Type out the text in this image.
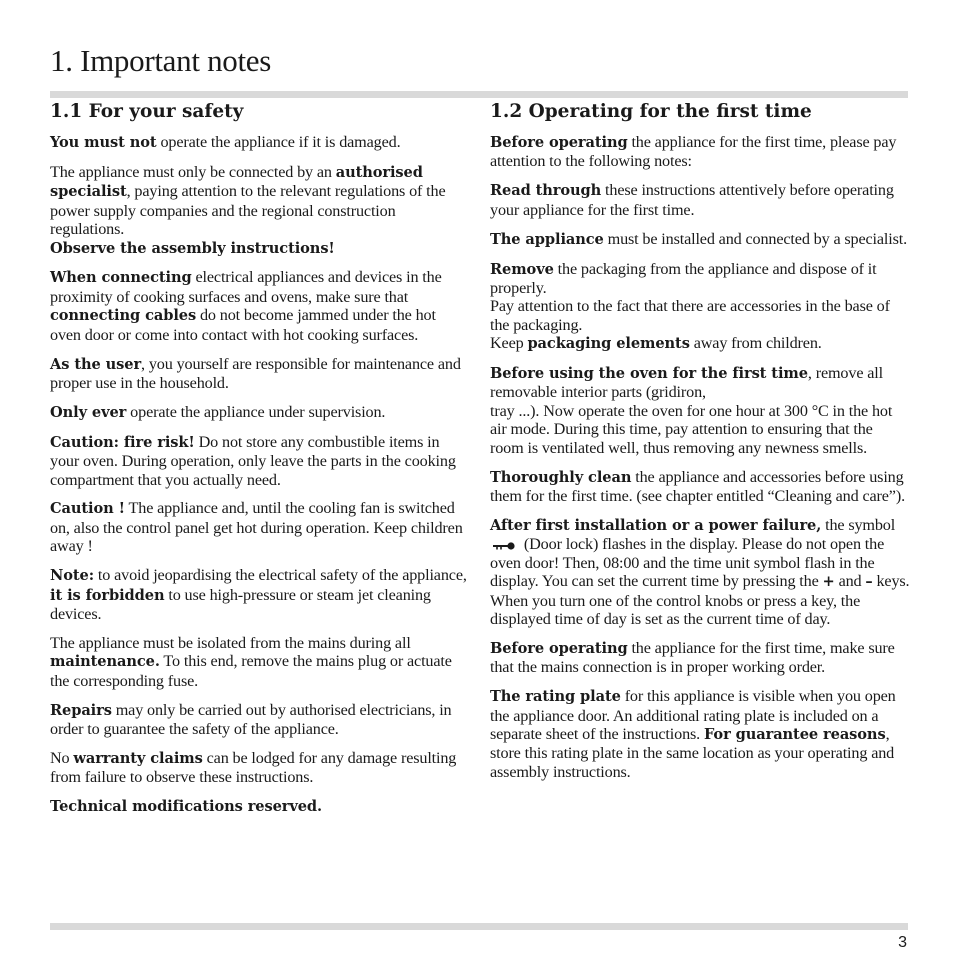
1. Important notes
1.1 For your safety

You must not operate the appliance if it is damaged.

The appliance must only be connected by an authorised specialist, paying attention to the relevant regulations of the power supply companies and the regional construction regulations.

Observe the assembly instructions!

When connecting electrical appliances and devices in the proximity of cooking surfaces and ovens, make sure that connecting cables do not become jammed under the hot oven door or come into contact with hot cooking surfaces.

As the user, you yourself are responsible for maintenance and proper use in the household.

Only ever operate the appliance under supervision.

Caution: fire risk! Do not store any combustible items in your oven. During operation, only leave the parts in the cooking compartment that you actually need.

Caution ! The appliance and, until the cooling fan is switched on, also the control panel get hot during operation. Keep children away !

Note: to avoid jeopardising the electrical safety of the appliance, it is forbidden to use high-pressure or steam jet cleaning devices.

The appliance must be isolated from the mains during all maintenance. To this end, remove the mains plug or actuate the corresponding fuse.

Repairs may only be carried out by authorised electricians, in order to guarantee the safety of the appliance.

No warranty claims can be lodged for any damage resulting from failure to observe these instructions.

Technical modifications reserved.

1.2 Operating for the first time

Before operating the appliance for the first time, please pay attention to the following notes:

Read through these instructions attentively before operating your appliance for the first time.

The appliance must be installed and connected by a specialist.

Remove the packaging from the appliance and dispose of it properly.

Pay attention to the fact that there are accessories in the base of the packaging.

Keep packaging elements away from children.

Before using the oven for the first time, remove all removable interior parts (gridiron,
tray ...). Now operate the oven for one hour at 300 °C in the hot air mode. During this time, pay attention to ensuring that the room is ventilated well, thus removing any newness smells.

Thoroughly clean the appliance and accessories before using them for the first time. (see chapter entitled “Cleaning and care”).

After first installation or a power failure, the symbol  (Door lock) flashes in the display. Please do not open the oven door! Then, 08:00 and the time unit symbol flash in the display. You can set the current time by pressing the + and – keys. When you turn one of the control knobs or press a key, the displayed time of day is set as the current time of day.

Before operating the appliance for the first time, make sure that the mains connection is in proper working order.

The rating plate for this appliance is visible when you open the appliance door. An additional rating plate is included on a separate sheet of the instructions. For guarantee reasons, store this rating plate in the same location as your operating and assembly instructions.

3
